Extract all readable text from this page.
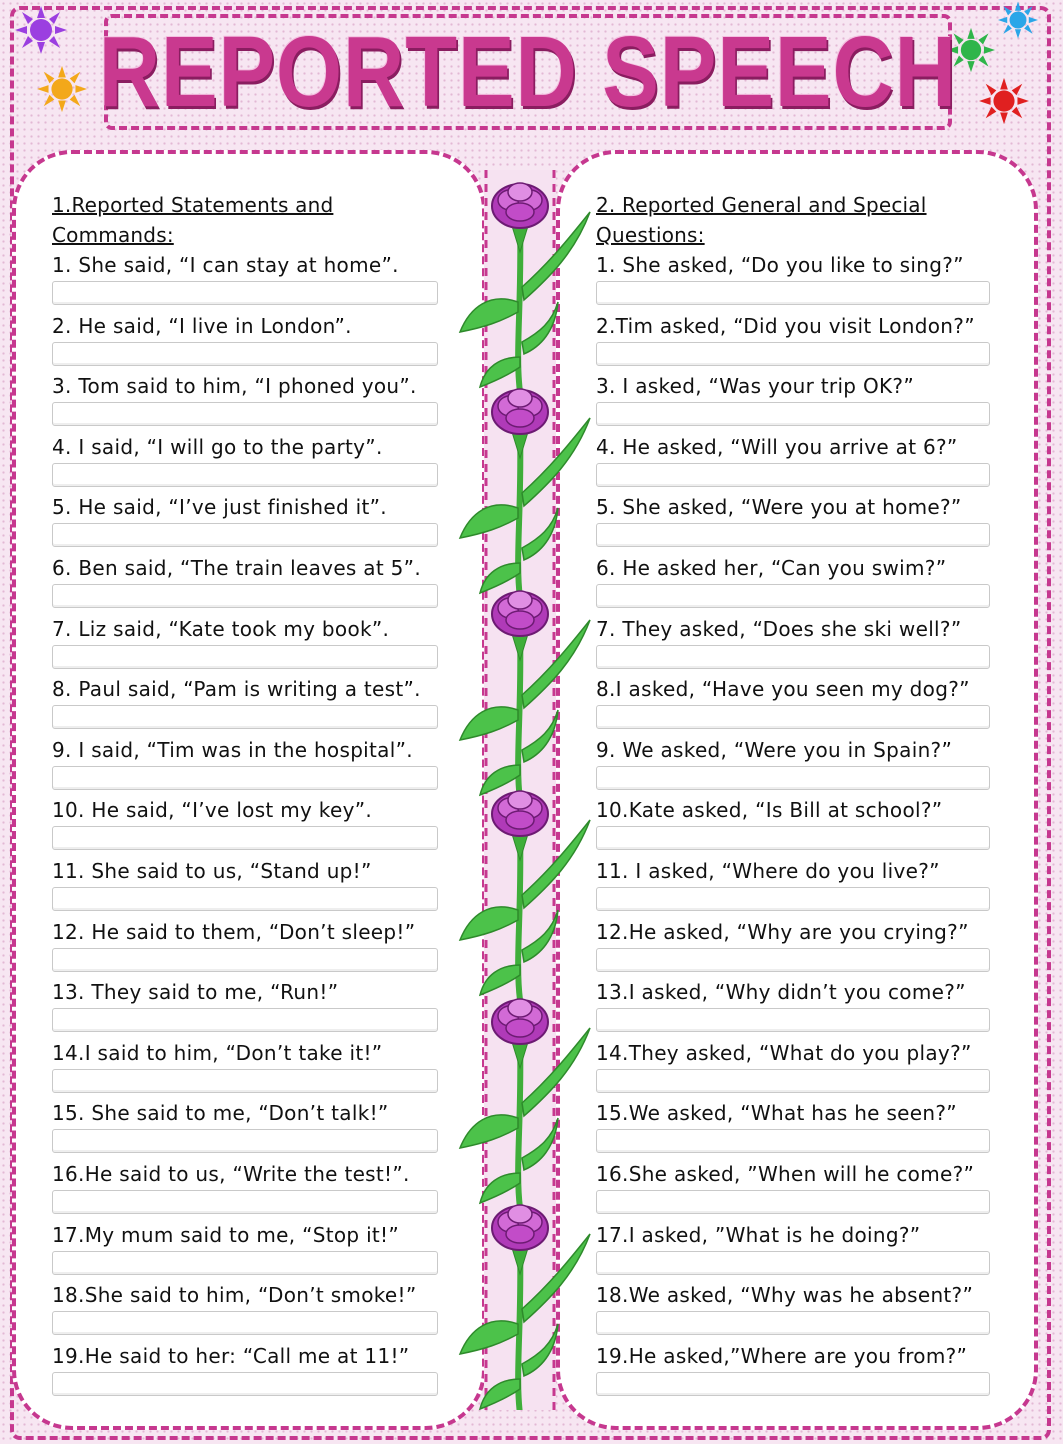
REPORTED SPEECH
1.Reported Statements and
Commands:
1. She said, “I can stay at home”.
2. He said, “I live in London”.
3. Tom said to him, “I phoned you”.
4. I said, “I will go to the party”.
5. He said, “I’ve just finished it”.
6. Ben said, “The train leaves at 5”.
7. Liz said, “Kate took my book”.
8. Paul said, “Pam is writing a test”.
9. I said, “Tim was in the hospital”.
10. He said, “I’ve lost my key”.
11. She said to us, “Stand up!”
12. He said to them, “Don’t sleep!”
13. They said to me, “Run!”
14.I said to him, “Don’t take it!”
15. She said to me, “Don’t talk!”
16.He said to us, “Write the test!”.
17.My mum said to me, “Stop it!”
18.She said to him, “Don’t smoke!”
19.He said to her: “Call me at 11!”
2. Reported General and Special
Questions:
1. She asked, “Do you like to sing?”
2.Tim asked, “Did you visit London?”
3. I asked, “Was your trip OK?”
4. He asked, “Will you arrive at 6?”
5. She asked, “Were you at home?”
6. He asked her, “Can you swim?”
7. They asked, “Does she ski well?”
8.I asked, “Have you seen my dog?”
9. We asked, “Were you in Spain?”
10.Kate asked, “Is Bill at school?”
11. I asked, “Where do you live?”
12.He asked, “Why are you crying?”
13.I asked, “Why didn’t you come?”
14.They asked, “What do you play?”
15.We asked, “What has he seen?”
16.She asked, ”When will he come?”
17.I asked, ”What is he doing?”
18.We asked, “Why was he absent?”
19.He asked,”Where are you from?”
